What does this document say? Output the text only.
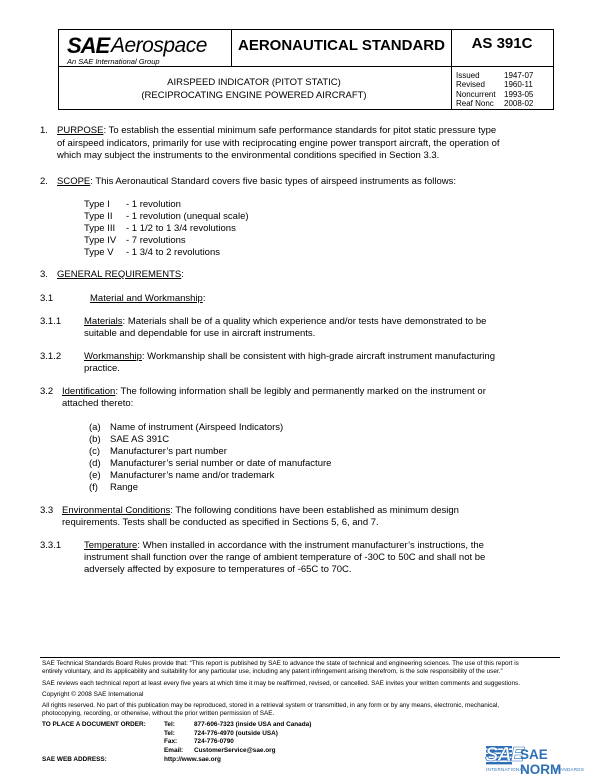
SAE Aerospace
An SAE International Group
AERONAUTICAL STANDARD	AS 391C
AIRSPEED INDICATOR (PITOT STATIC)
(RECIPROCATING ENGINE POWERED AIRCRAFT)
Issued	1947-07
Revised	1960-11
Noncurrent	1993-05
Reaf Nonc	2008-02
1. PURPOSE: To establish the essential minimum safe performance standards for pitot static pressure type
of airspeed indicators, primarily for use with reciprocating engine power transport aircraft, the operation of
which may subject the instruments to the environmental conditions specified in Section 3.3.
2. SCOPE: This Aeronautical Standard covers five basic types of airspeed instruments as follows:
Type I - 1 revolution
Type II - 1 revolution (unequal scale)
Type III - 1 1/2 to 1 3/4 revolutions
Type IV - 7 revolutions
Type V - 1 3/4 to 2 revolutions
3. GENERAL REQUIREMENTS:
3.1	Material and Workmanship:
3.1.1 Materials: Materials shall be of a quality which experience and/or tests have demonstrated to be
suitable and dependable for use in aircraft instruments.
3.1.2 Workmanship: Workmanship shall be consistent with high-grade aircraft instrument manufacturing
practice.
3.2 Identification: The following information shall be legibly and permanently marked on the instrument or
attached thereto:
(a) Name of instrument (Airspeed Indicators)
(b) SAE AS 391C
(c) Manufacturer’s part number
(d) Manufacturer’s serial number or date of manufacture
(e) Manufacturer’s name and/or trademark
(f) Range
3.3 Environmental Conditions: The following conditions have been established as minimum design
requirements. Tests shall be conducted as specified in Sections 5, 6, and 7.
3.3.1 Temperature: When installed in accordance with the instrument manufacturer’s instructions, the
instrument shall function over the range of ambient temperature of -30C to 50C and shall not be
adversely affected by exposure to temperatures of -65C to 70C.
SAE Technical Standards Board Rules provide that: “This report is published by SAE to advance the state of technical and engineering sciences. The use of this report is
entirely voluntary, and its applicability and suitability for any particular use, including any patent infringement arising therefrom, is the sole responsibility of the user.”
SAE reviews each technical report at least every five years at which time it may be reaffirmed, revised, or cancelled. SAE invites your written comments and suggestions.
Copyright © 2008 SAE International
All rights reserved. No part of this publication may be reproduced, stored in a retrieval system or transmitted, in any form or by any means, electronic, mechanical,
photocopying, recording, or otherwise, without the prior written permission of SAE.
TO PLACE A DOCUMENT ORDER:	Tel:	877-606-7323 (inside USA and Canada)
Tel:	724-776-4970 (outside USA)
Fax:	724-776-0790
Email: CustomerService@sae.org
SAE WEB ADDRESS:	http://www.sae.org	SAE
SAE NORM
INTERNATIONAL	STANDARDS
